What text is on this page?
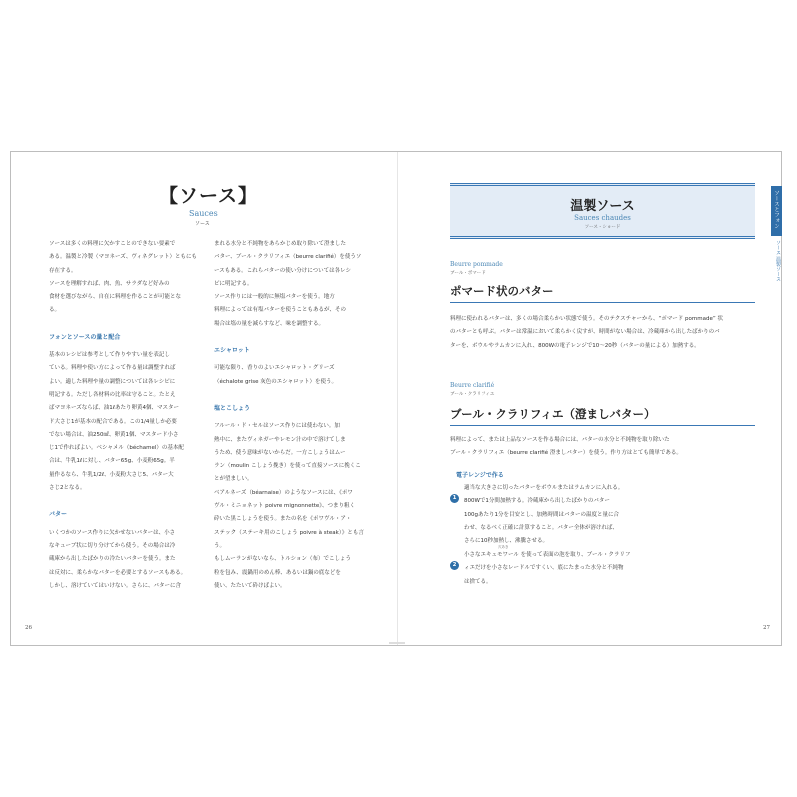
【ソース】
Sauces
ソース
ソースは多くの料理に欠かすことのできない要素で
ある。温製と冷製（マヨネーズ、ヴィネグレット）ともにも
存在する。
ソースを理解すれば、肉、魚、サラダなど好みの
食材を選びながら、自在に料理を作ることが可能とな
る。
フォンとソースの量と配合
基本のレシピは参考として作りやすい量を表記し
ている。料理や使い方によって作る量は調整すれば
よい。適した料理や量の調整については各レシピに
明記する。ただし各材料の比率は守ること。たとえ
ばマヨネーズならば、油1ℓあたり卵黄4個、マスター
ド大さじ1が基本の配合である。この1/4量しか必要
でない場合は、油250㎖、卵黄1個、マスタード小さ
じ1で作ればよい。ベシャメル（béchamel）の基本配
合は、牛乳1ℓに対し、バター65g、小麦粉65g。半
量作るなら、牛乳1/2ℓ、小麦粉大さじ5、バター大
さじ2となる。
バター
いくつかのソース作りに欠かせないバターは、小さ
なキューブ状に切り分けてから使う。その場合は冷
蔵庫から出したばかりの冷たいバターを使う。また
は反対に、柔らかなバターを必要とするソースもある。
しかし、溶けていてはいけない。さらに、バターに含
まれる水分と不純物をあらかじめ取り除いて澄ました
バター、ブール・クラリフィエ（beurre clarifié）を使うソ
ースもある。これらバターの使い分けについては各レシ
ピに明記する。
ソース作りには一般的に無塩バターを使う。地方
料理によっては有塩バターを使うこともあるが、その
場合は塩の量を減らすなど、味を調整する。
エシャロット
可能な限り、香りのよいエシャロット・グリーズ
（échalote grise 灰色のエシャロット）を使う。
塩とこしょう
フルール・ド・セルはソース作りには使わない。加
熱中に、またヴィネガーやレモン汁の中で溶けてしま
うため、使う意味がないからだ。一方こしょうはムー
ラン（moulin こしょう挽き）を使って直接ソースに挽くこ
とが望ましい。
ベアルネーズ（béarnaise）のようなソースには、《ポワ
ヴル・ミニョネット poivre mignonnette》、つまり粗く
砕いた黒こしょうを使う。またの名を《ポワヴル・ア・
ステック（ステーキ用のこしょう poivre à steak）》とも言う。
もしムーランがないなら、トルション（布）でこしょう
粒を包み、震鍋用のめん棒、あるいは鍋の底などを
使い、たたいて砕けばよい。
26
温製ソース
Sauces chaudes
ソース・ショード
Beurre pommade
ブール・ポマード
ポマード状のバター
料理に使われるバターは、多くの場合柔らかい状態で使う。そのテクスチャーから、“ポマード pommade” 状
のバターとも呼ぶ。バターは常温において柔らかく戻すが、時間がない場合は、冷蔵庫から出したばかりのバ
ターを、ボウルやラムカンに入れ、800Wの電子レンジで10～20秒（バターの量による）加熱する。
Beurre clarifié
ブール・クラリフィエ
ブール・クラリフィエ（澄ましバター）
料理によって、または上品なソースを作る場合には、バターの水分と不純物を取り除いた
ブール・クラリフィエ（beurre clarifié 澄ましバター）を使う。作り方はとても簡単である。
電子レンジで作る
1
適当な大きさに切ったバターをボウルまたはラムカンに入れる。
800Wで1分間加熱する。冷蔵庫から出したばかりのバター
100gあたり1分を目安とし、加熱時間はバターの温度と量に合
わせ、なるべく正確に計算すること。バター全体が溶ければ、
さらに10秒加熱し、沸騰させる。
2
穴あき
小さなエキュモワール を使って表面の泡を取り、ブール・クラリフ
ィエだけを小さなレードルですくい、底にたまった水分と不純物
は捨てる。
ソースとフォン
ソース 温製ソース
27
